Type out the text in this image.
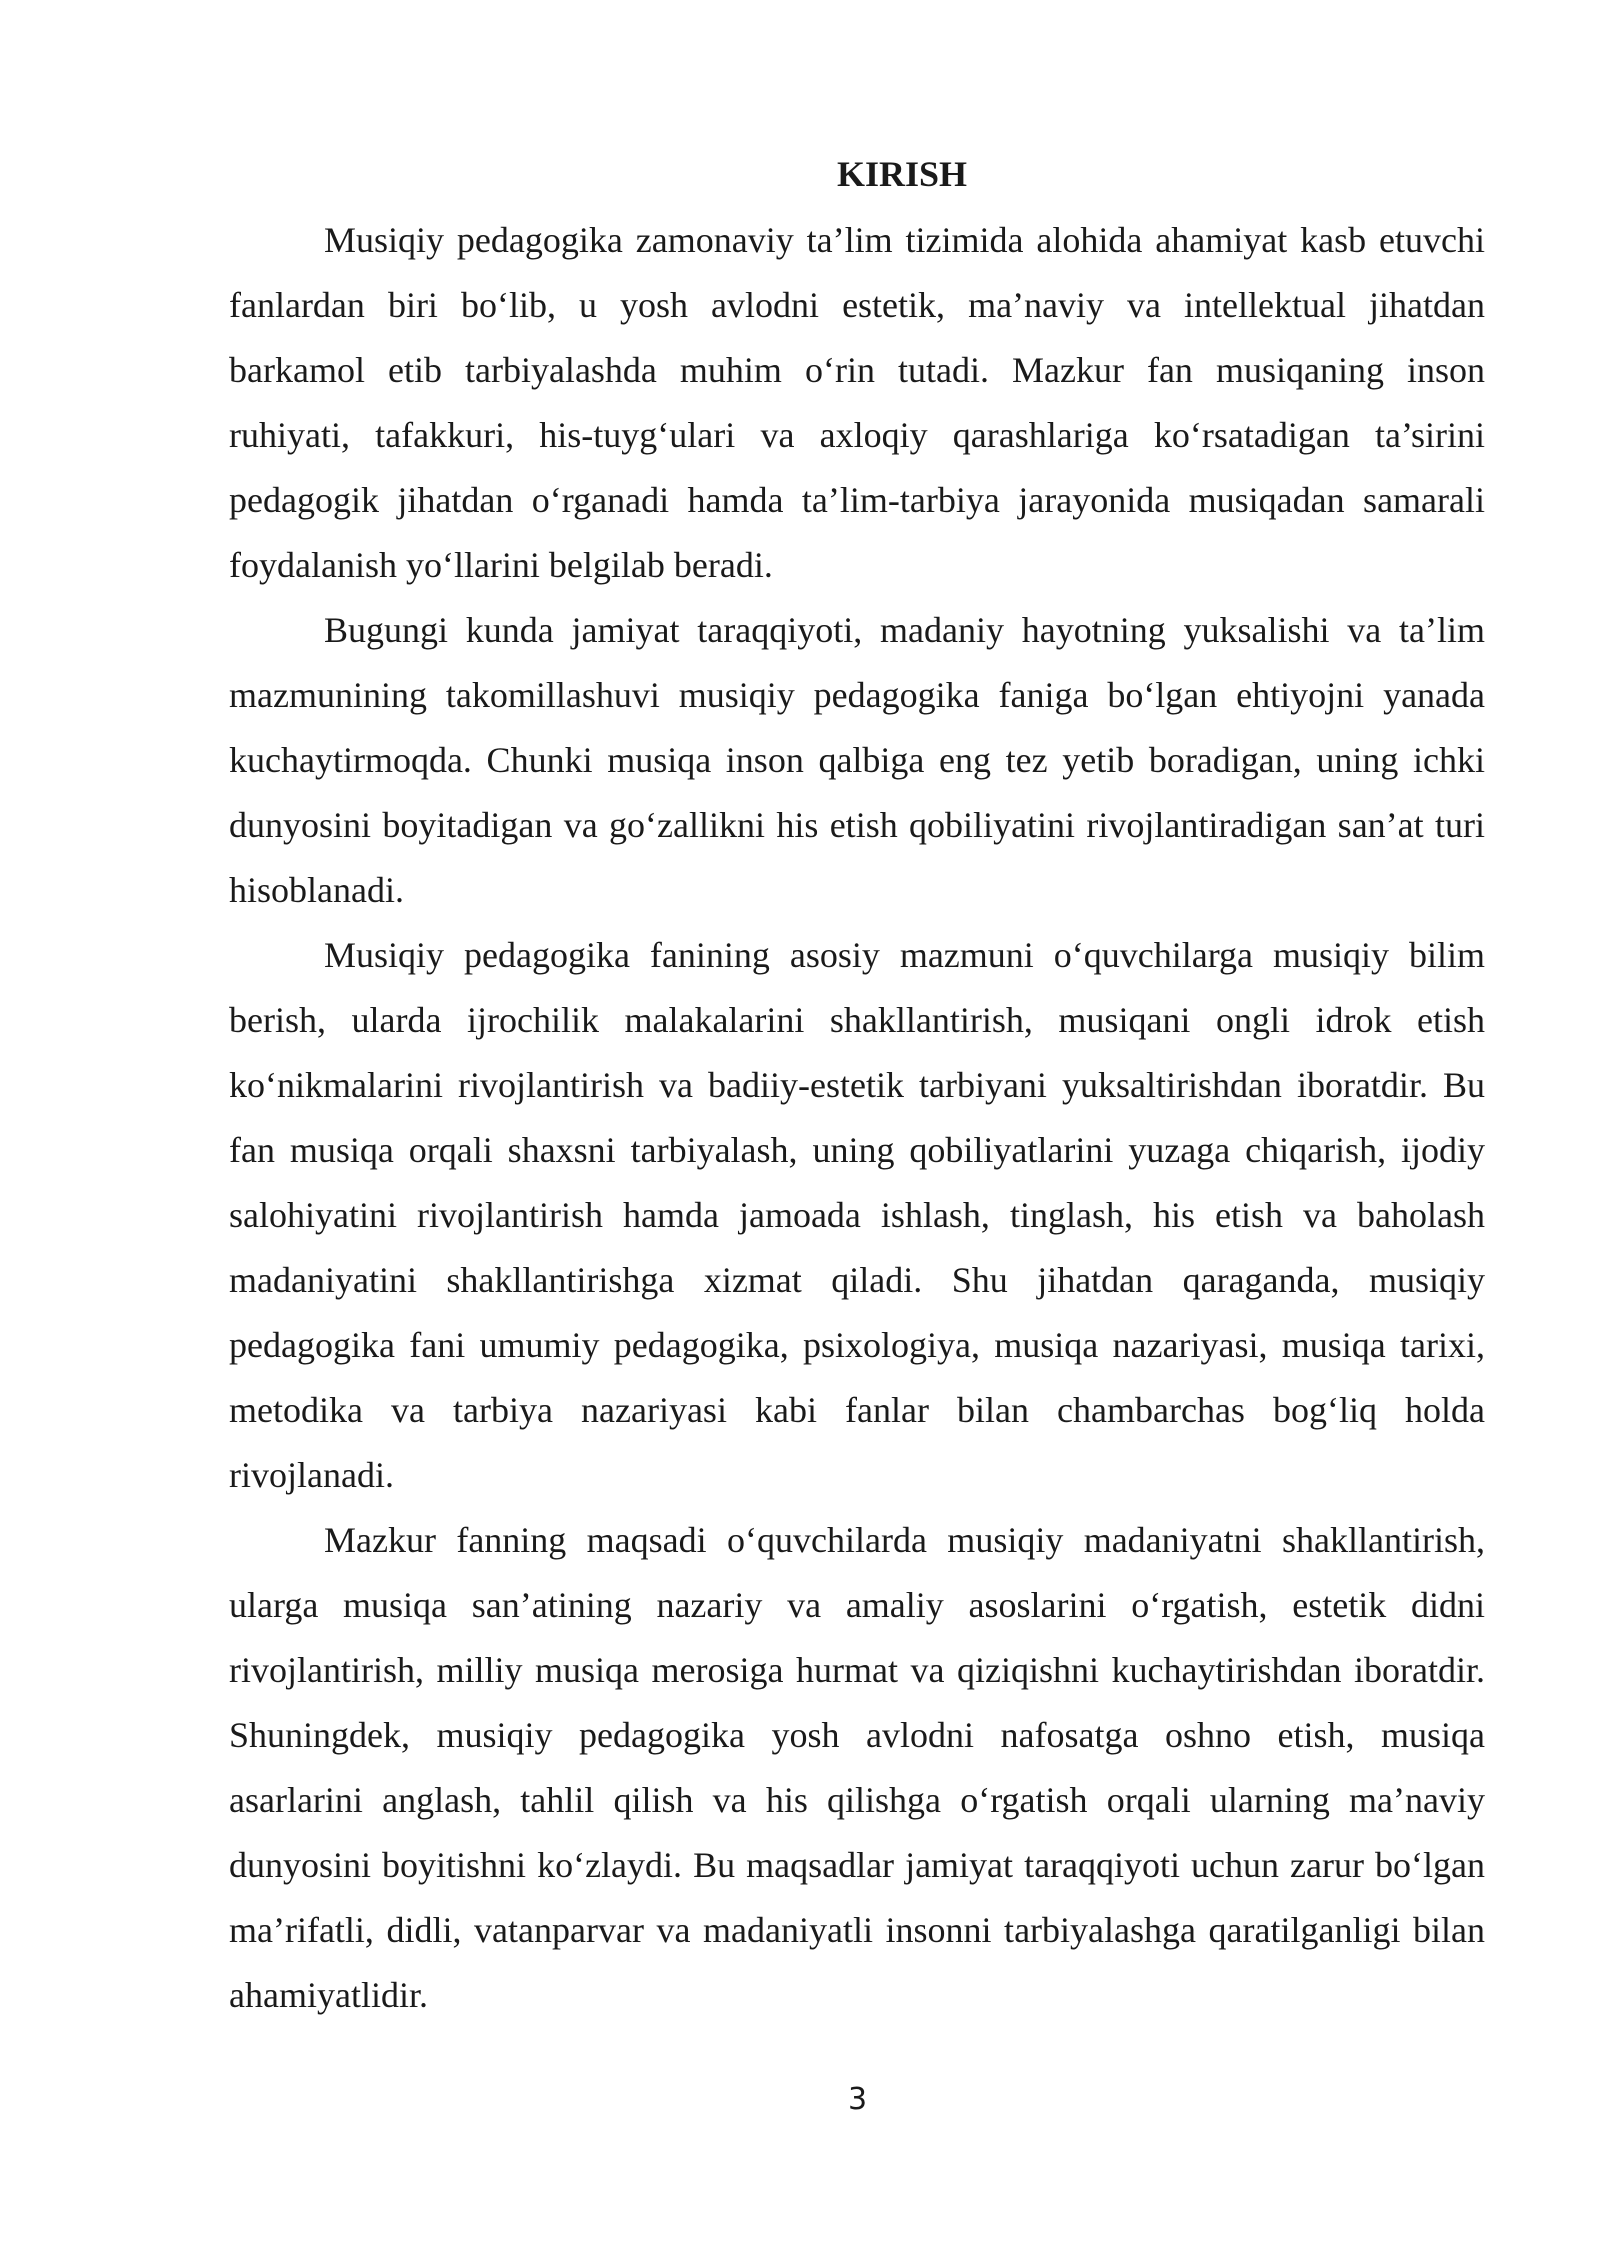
KIRISH

Musiqiy pedagogika zamonaviy ta’lim tizimida alohida ahamiyat kasb etuvchi fanlardan biri bo‘lib, u yosh avlodni estetik, ma’naviy va intellektual jihatdan barkamol etib tarbiyalashda muhim o‘rin tutadi. Mazkur fan musiqaning inson ruhiyati, tafakkuri, his-tuyg‘ulari va axloqiy qarashlariga ko‘rsatadigan ta’sirini pedagogik jihatdan o‘rganadi hamda ta’lim-tarbiya jarayonida musiqadan samarali foydalanish yo‘llarini belgilab beradi.

Bugungi kunda jamiyat taraqqiyoti, madaniy hayotning yuksalishi va ta’lim mazmunining takomillashuvi musiqiy pedagogika faniga bo‘lgan ehtiyojni yanada kuchaytirmoqda. Chunki musiqa inson qalbiga eng tez yetib boradigan, uning ichki dunyosini boyitadigan va go‘zallikni his etish qobiliyatini rivojlantiradigan san’at turi hisoblanadi.

Musiqiy pedagogika fanining asosiy mazmuni o‘quvchilarga musiqiy bilim berish, ularda ijrochilik malakalarini shakllantirish, musiqani ongli idrok etish ko‘nikmalarini rivojlantirish va badiiy-estetik tarbiyani yuksaltirishdan iboratdir. Bu fan musiqa orqali shaxsni tarbiyalash, uning qobiliyatlarini yuzaga chiqarish, ijodiy salohiyatini rivojlantirish hamda jamoada ishlash, tinglash, his etish va baholash madaniyatini shakllantirishga xizmat qiladi. Shu jihatdan qaraganda, musiqiy pedagogika fani umumiy pedagogika, psixologiya, musiqa nazariyasi, musiqa tarixi, metodika va tarbiya nazariyasi kabi fanlar bilan chambarchas bog‘liq holda rivojlanadi.

Mazkur fanning maqsadi o‘quvchilarda musiqiy madaniyatni shakllantirish, ularga musiqa san’atining nazariy va amaliy asoslarini o‘rgatish, estetik didni rivojlantirish, milliy musiqa merosiga hurmat va qiziqishni kuchaytirishdan iboratdir. Shuningdek, musiqiy pedagogika yosh avlodni nafosatga oshno etish, musiqa asarlarini anglash, tahlil qilish va his qilishga o‘rgatish orqali ularning ma’naviy dunyosini boyitishni ko‘zlaydi. Bu maqsadlar jamiyat taraqqiyoti uchun zarur bo‘lgan ma’rifatli, didli, vatanparvar va madaniyatli insonni tarbiyalashga qaratilganligi bilan ahamiyatlidir.

3
